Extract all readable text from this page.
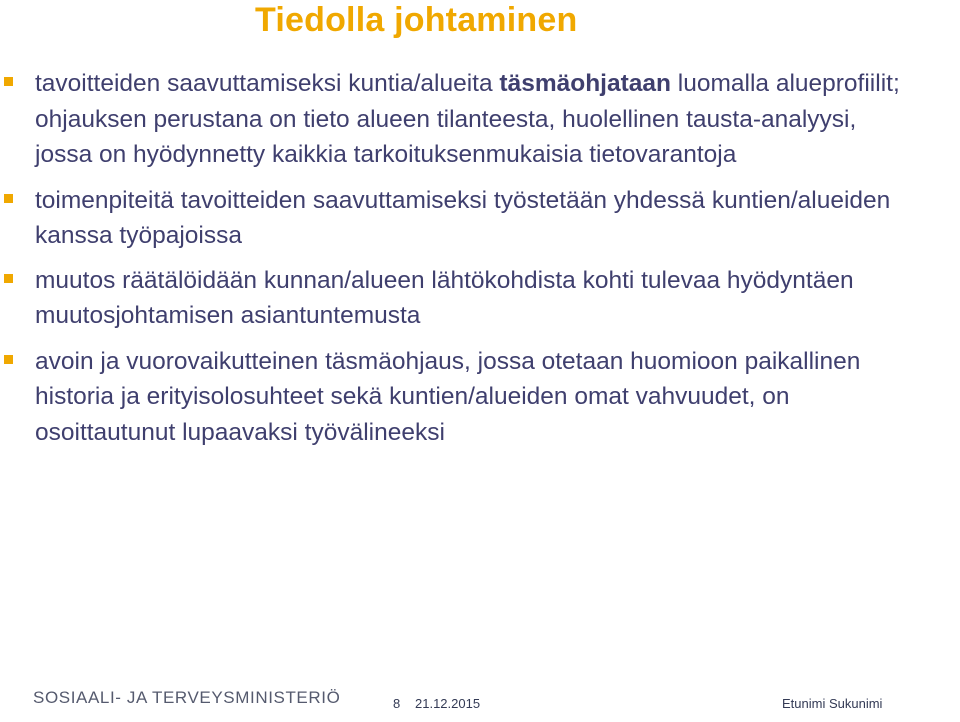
Tiedolla johtaminen
tavoitteiden saavuttamiseksi kuntia/alueita täsmäohjataan luomalla alueprofiilit; ohjauksen perustana on tieto alueen tilanteesta, huolellinen tausta-analyysi, jossa on hyödynnetty kaikkia tarkoituksenmukaisia tietovarantoja
toimenpiteitä tavoitteiden saavuttamiseksi työstetään yhdessä kuntien/alueiden kanssa työpajoissa
muutos räätälöidään kunnan/alueen lähtökohdista kohti tulevaa hyödyntäen muutosjohtamisen asiantuntemusta
avoin ja vuorovaikutteinen täsmäohjaus, jossa otetaan huomioon paikallinen historia ja erityisolosuhteet sekä kuntien/alueiden omat vahvuudet, on osoittautunut lupaavaksi työvälineeksi
SOSIAALI- JA TERVEYSMINISTERIÖ	8 21.12.2015	Etunimi Sukunimi
